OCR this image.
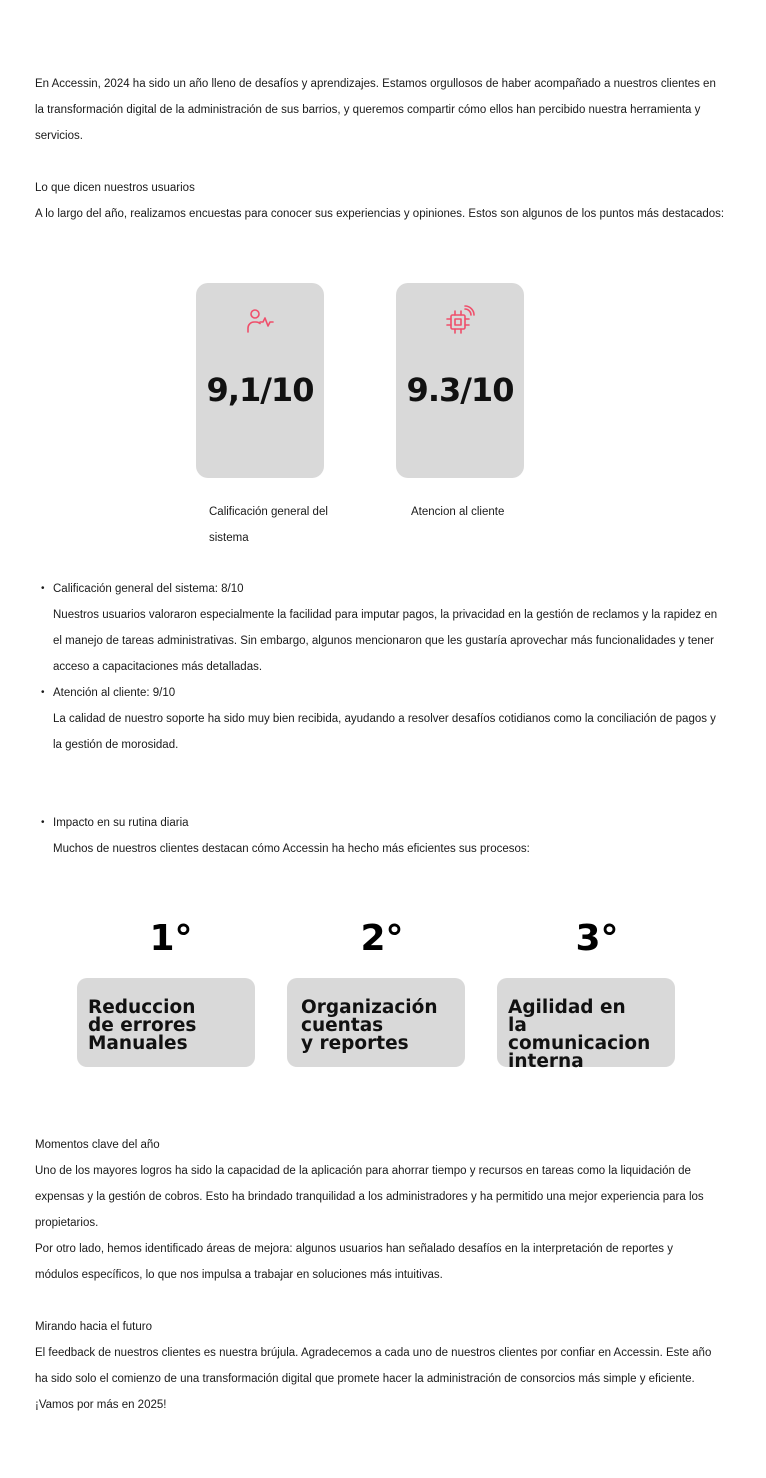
En Accessin, 2024 ha sido un año lleno de desafíos y aprendizajes. Estamos orgullosos de haber acompañado a nuestros clientes en la transformación digital de la administración de sus barrios, y queremos compartir cómo ellos han percibido nuestra herramienta y servicios.

Lo que dicen nuestros usuarios

A lo largo del año, realizamos encuestas para conocer sus experiencias y opiniones. Estos son algunos de los puntos más destacados:

9,1/10	9.3/10

Calificación general del sistema

Atencion al cliente

• Calificación general del sistema: 8/10

Nuestros usuarios valoraron especialmente la facilidad para imputar pagos, la privacidad en la gestión de reclamos y la rapidez en el manejo de tareas administrativas. Sin embargo, algunos mencionaron que les gustaría aprovechar más funcionalidades y tener acceso a capacitaciones más detalladas.

• Atención al cliente: 9/10

La calidad de nuestro soporte ha sido muy bien recibida, ayudando a resolver desafíos cotidianos como la conciliación de pagos y la gestión de morosidad.

• Impacto en su rutina diaria

Muchos de nuestros clientes destacan cómo Accessin ha hecho más eficientes sus procesos:

1°	2°	3°
Reduccion
de errores
Manuales
Organización
cuentas
y reportes
Agilidad en
la comunicacion
interna

Momentos clave del año

Uno de los mayores logros ha sido la capacidad de la aplicación para ahorrar tiempo y recursos en tareas como la liquidación de expensas y la gestión de cobros. Esto ha brindado tranquilidad a los administradores y ha permitido una mejor experiencia para los propietarios.

Por otro lado, hemos identificado áreas de mejora: algunos usuarios han señalado desafíos en la interpretación de reportes y módulos específicos, lo que nos impulsa a trabajar en soluciones más intuitivas.

Mirando hacia el futuro

El feedback de nuestros clientes es nuestra brújula. Agradecemos a cada uno de nuestros clientes por confiar en Accessin. Este año ha sido solo el comienzo de una transformación digital que promete hacer la administración de consorcios más simple y eficiente. ¡Vamos por más en 2025!
